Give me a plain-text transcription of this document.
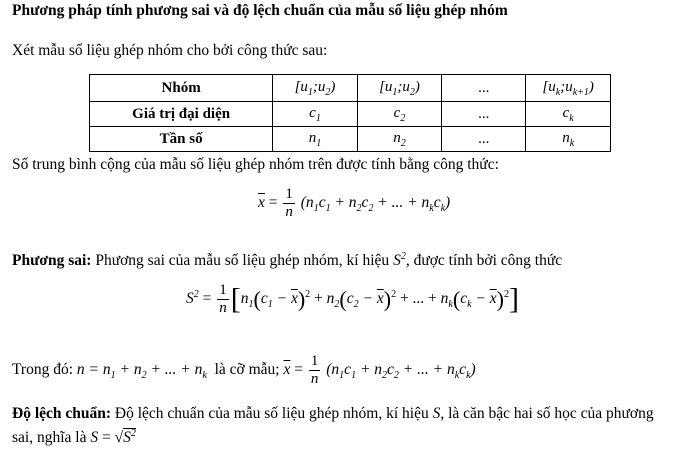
Phương pháp tính phương sai và độ lệch chuẩn của mẫu số liệu ghép nhóm
Xét mẫu số liệu ghép nhóm cho bởi công thức sau:
Nhóm	$[u_1;u_2)$	$[u_1;u_2)$	...	$[u_k;u_{k+1})$
Giá trị đại diện	$c_1$	$c_2$	...	$c_k$
Tần số	$n_1$	$n_2$	...	$n_k$
Số trung bình cộng của mẫu số liệu ghép nhóm trên được tính bằng công thức:
$\overline{x} = \frac{1}{n} (n_1c_1 + n_2c_2$ + ... + $n_kc_k$)
Phương sai: Phương sai của mẫu số liệu ghép nhóm, kí hiệu $S^2$, được tính bởi công thức
$S^2 = \frac{1}{n} [n_1(c_1 - \overline{x})^2 + n_2(c_2 - \overline{x})^2$ + ... + $n_k(c_k - \overline{x})^2$]
Trong đó: $n = n_1 + n_2$ + ... + $n_k$ là cỡ mẫu; $\overline{x} = \frac{1}{n} (n_1c_1 + n_2c_2$ + ... + $n_kc_k$)
Độ lệch chuẩn: Độ lệch chuẩn của mẫu số liệu ghép nhóm, kí hiệu S, là căn bậc hai số học của phương
sai, nghĩa là $S = √S^2$
